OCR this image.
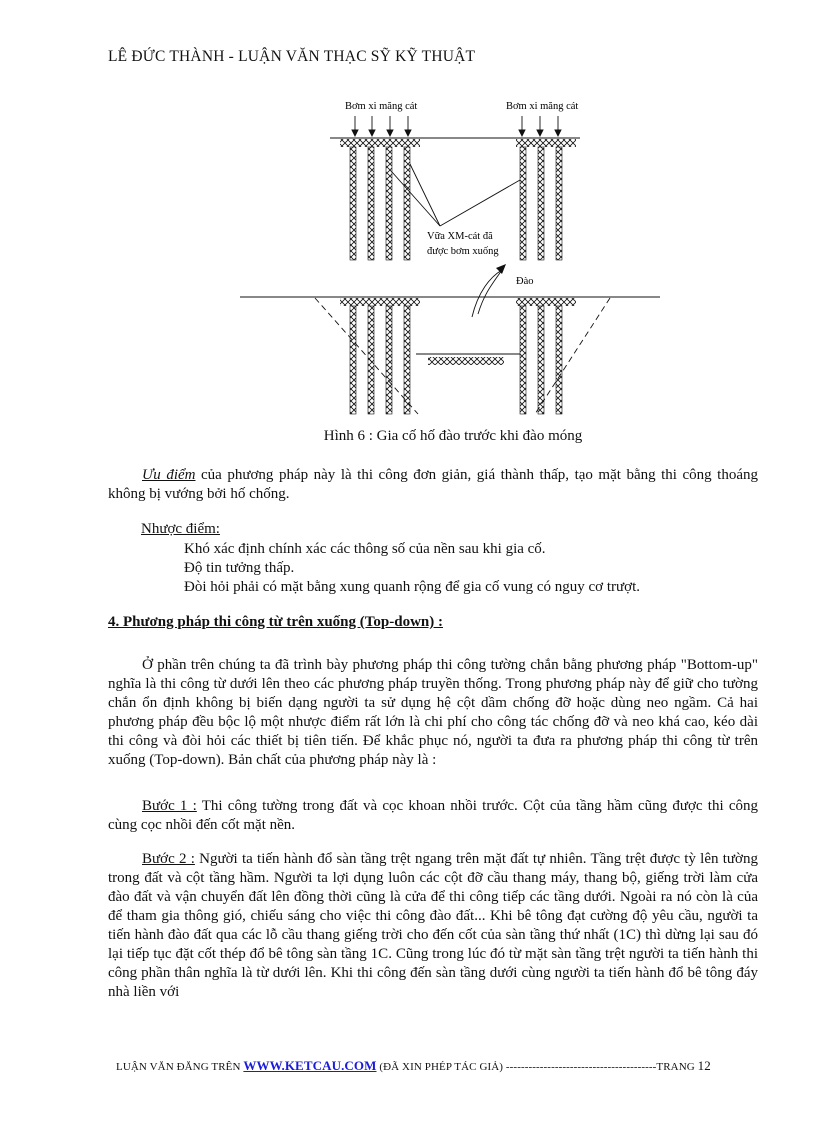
LÊ ĐỨC THÀNH - LUẬN VĂN THẠC SỸ KỸ THUẬT
Bơm xi măng cát	Bơm xi măng cát
Vữa XM-cát đã
được bơm xuống
Đào
Hình 6 : Gia cố hố đào trước khi đào móng
Ưu điểm của phương pháp này là thi công đơn giản, giá thành thấp, tạo mặt bằng thi công thoáng không bị vướng bởi hố chống.
Nhược điểm:
Khó xác định chính xác các thông số của nền sau khi gia cố.
Độ tin tưởng thấp.
Đòi hỏi phải có mặt bằng xung quanh rộng để gia cố vung có nguy cơ trượt.
4. Phương pháp thi công từ trên xuống (Top-down) :
Ở phần trên chúng ta đã trình bày phương pháp thi công tường chắn bằng phương pháp "Bottom-up" nghĩa là thi công từ dưới lên theo các phương pháp truyền thống. Trong phương pháp này để giữ cho tường chắn ổn định không bị biến dạng người ta sử dụng hệ cột dầm chống đỡ hoặc dùng neo ngầm. Cả hai phương pháp đều bộc lộ một nhược điểm rất lớn là chi phí cho công tác chống đỡ và neo khá cao, kéo dài thi công và đòi hỏi các thiết bị tiên tiến. Để khắc phục nó, người ta đưa ra phương pháp thi công từ trên xuống (Top-down). Bản chất của phương pháp này là :
Bước 1 : Thi công tường trong đất và cọc khoan nhồi trước. Cột của tầng hầm cũng được thi công cùng cọc nhồi đến cốt mặt nền.
Bước 2 : Người ta tiến hành đổ sàn tầng trệt ngang trên mặt đất tự nhiên. Tầng trệt được tỳ lên tường trong đất và cột tầng hầm. Người ta lợi dụng luôn các cột đỡ cầu thang máy, thang bộ, giếng trời làm cửa đào đất và vận chuyển đất lên đồng thời cũng là cửa để thi công tiếp các tầng dưới. Ngoài ra nó còn là của để tham gia thông gió, chiếu sáng cho việc thi công đào đất... Khi bê tông đạt cường độ yêu cầu, người ta tiến hành đào đất qua các lỗ cầu thang giếng trời cho đến cốt của sàn tầng thứ nhất (1C) thì dừng lại sau đó lại tiếp tục đặt cốt thép đổ bê tông sàn tầng 1C. Cũng trong lúc đó từ mặt sàn tầng trệt người ta tiến hành thi công phần thân nghĩa là từ dưới lên. Khi thi công đến sàn tầng dưới cùng người ta tiến hành đổ bê tông đáy nhà liền với
LUẬN VĂN ĐĂNG TRÊN WWW.KETCAU.COM (ĐÃ XIN PHÉP TÁC GIẢ) ----------------------------------------TRANG 12
